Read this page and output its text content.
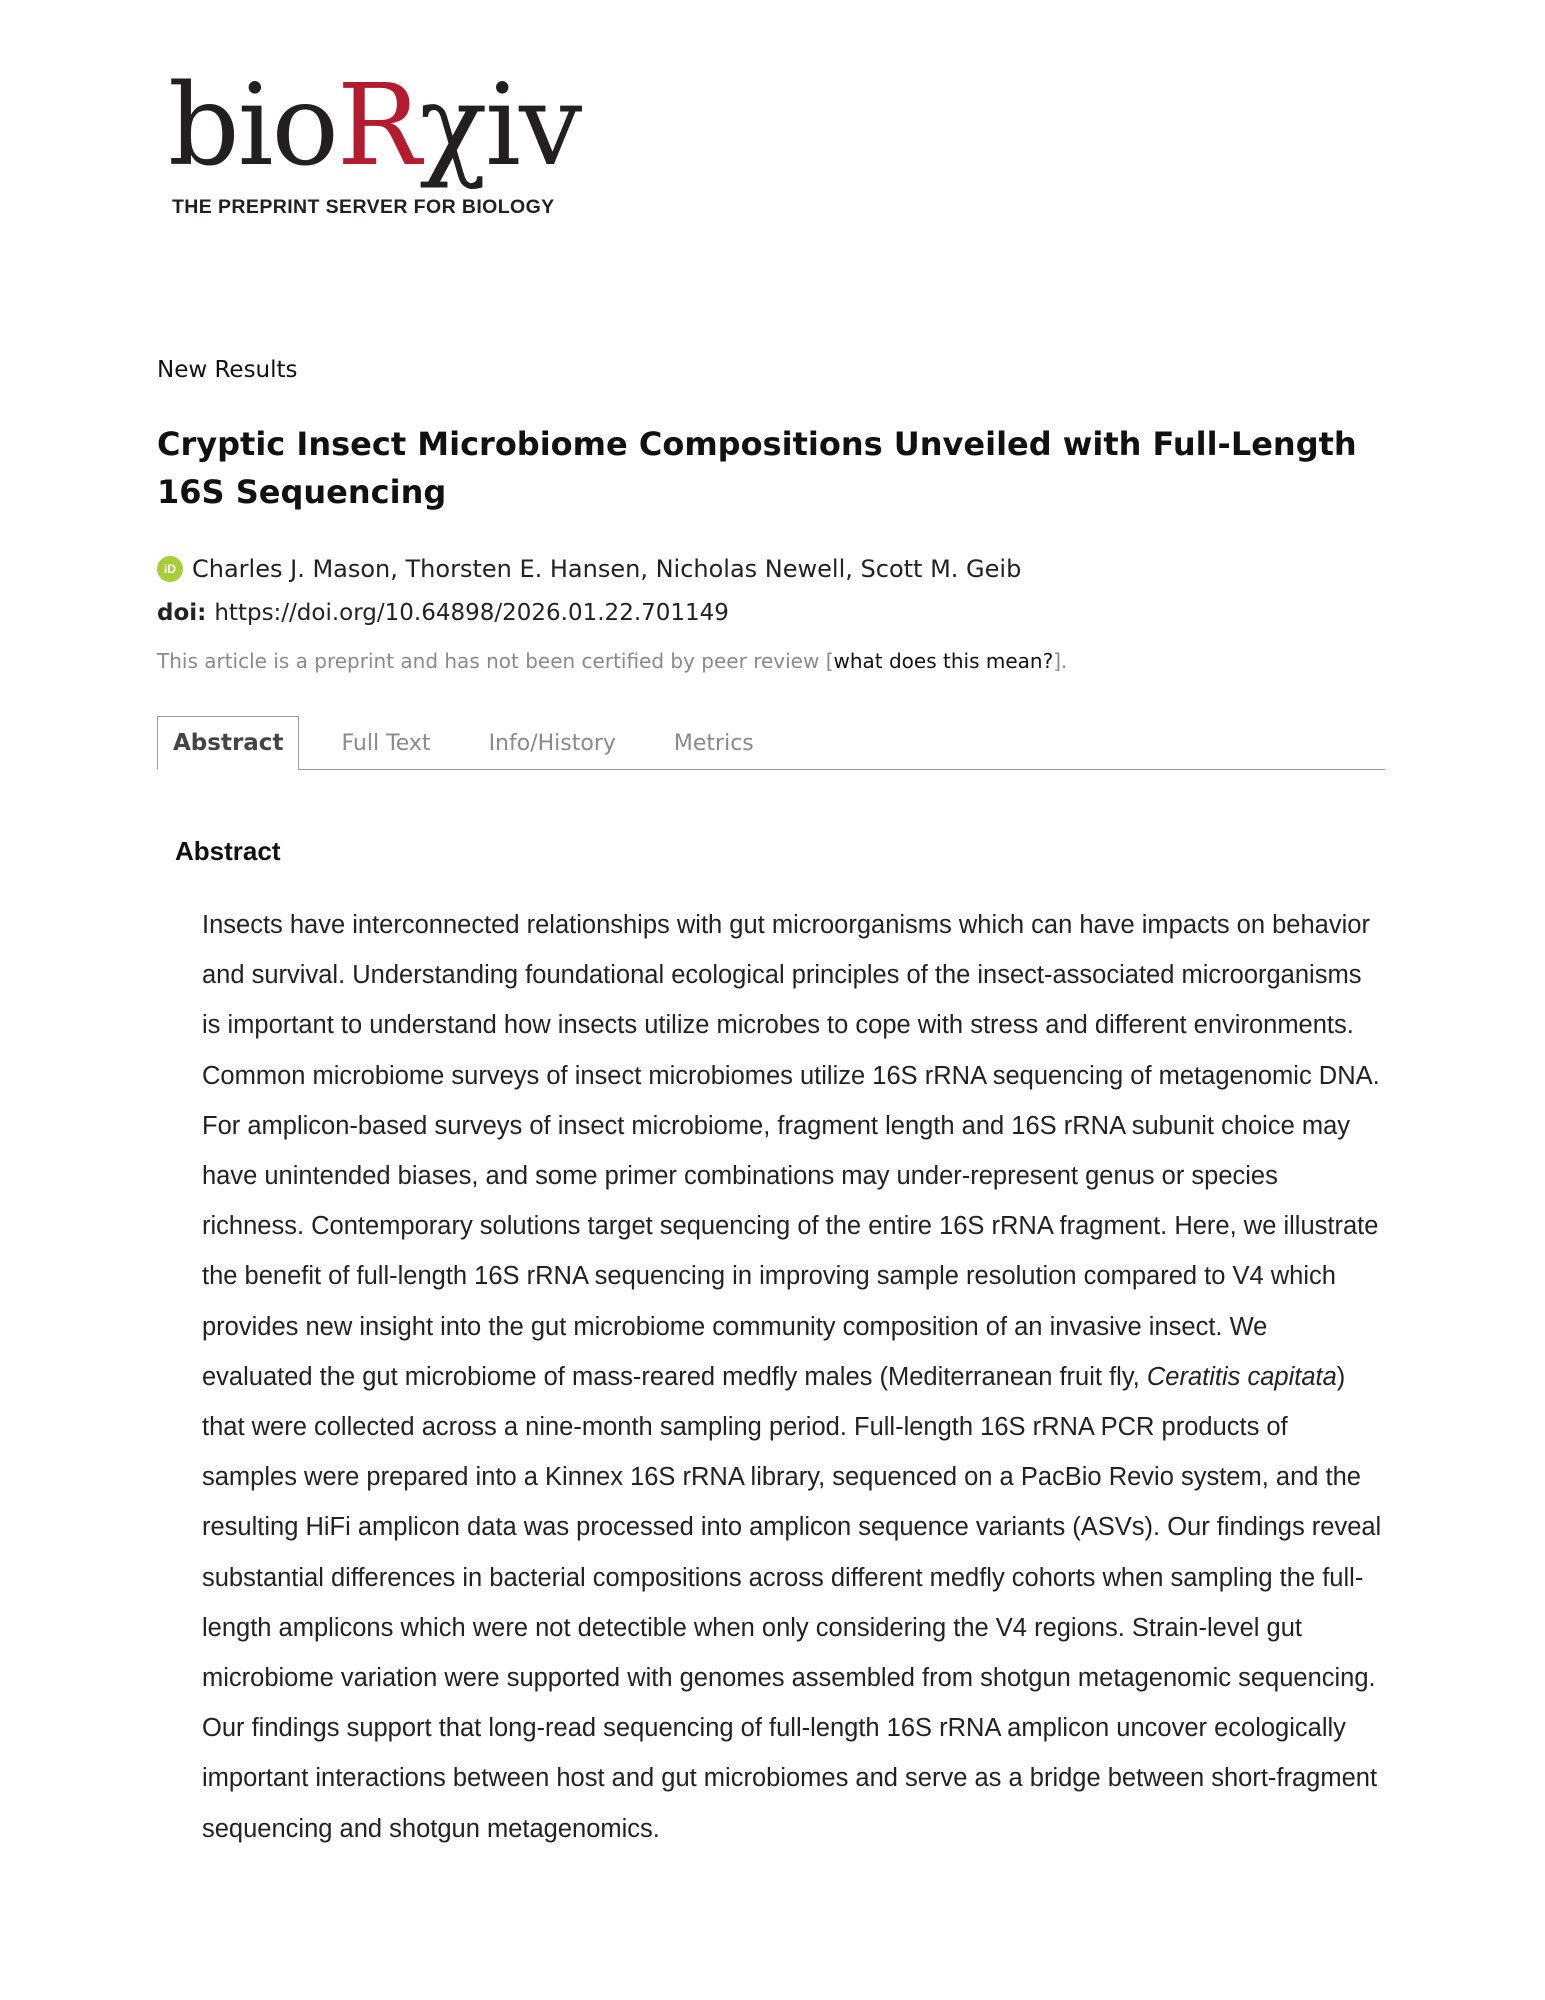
bioRχiv
THE PREPRINT SERVER FOR BIOLOGY
New Results
Cryptic Insect Microbiome Compositions Unveiled with Full-Length 16S Sequencing
iD Charles J. Mason, Thorsten E. Hansen, Nicholas Newell, Scott M. Geib
doi: https://doi.org/10.64898/2026.01.22.701149
This article is a preprint and has not been certified by peer review [what does this mean?].
Abstract	Full Text	Info/History	Metrics
Abstract

Insects have interconnected relationships with gut microorganisms which can have impacts on behavior and survival. Understanding foundational ecological principles of the insect-associated microorganisms is important to understand how insects utilize microbes to cope with stress and different environments. Common microbiome surveys of insect microbiomes utilize 16S rRNA sequencing of metagenomic DNA. For amplicon-based surveys of insect microbiome, fragment length and 16S rRNA subunit choice may have unintended biases, and some primer combinations may under-represent genus or species richness. Contemporary solutions target sequencing of the entire 16S rRNA fragment. Here, we illustrate the benefit of full-length 16S rRNA sequencing in improving sample resolution compared to V4 which provides new insight into the gut microbiome community composition of an invasive insect. We evaluated the gut microbiome of mass-reared medfly males (Mediterranean fruit fly, Ceratitis capitata) that were collected across a nine-month sampling period. Full-length 16S rRNA PCR products of samples were prepared into a Kinnex 16S rRNA library, sequenced on a PacBio Revio system, and the resulting HiFi amplicon data was processed into amplicon sequence variants (ASVs). Our findings reveal substantial differences in bacterial compositions across different medfly cohorts when sampling the full-length amplicons which were not detectible when only considering the V4 regions. Strain-level gut microbiome variation were supported with genomes assembled from shotgun metagenomic sequencing. Our findings support that long-read sequencing of full-length 16S rRNA amplicon uncover ecologically important interactions between host and gut microbiomes and serve as a bridge between short-fragment sequencing and shotgun metagenomics.
